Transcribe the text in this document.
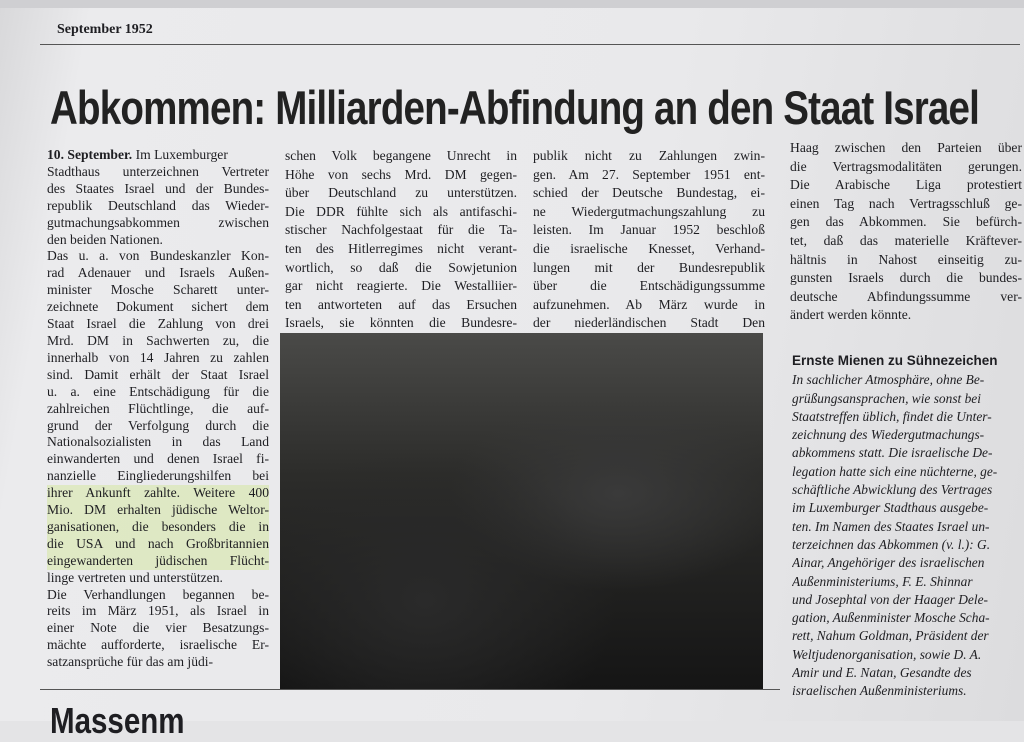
September 1952
Abkommen: Milliarden-Abfindung an den Staat Israel
10. September. Im Luxemburger
Stadthaus unterzeichnen Vertreter
des Staates Israel und der Bundes-
republik Deutschland das Wieder-
gutmachungsabkommen zwischen
den beiden Nationen.
Das u. a. von Bundeskanzler Kon-
rad Adenauer und Israels Außen-
minister Mosche Scharett unter-
zeichnete Dokument sichert dem
Staat Israel die Zahlung von drei
Mrd. DM in Sachwerten zu, die
innerhalb von 14 Jahren zu zahlen
sind. Damit erhält der Staat Israel
u. a. eine Entschädigung für die
zahlreichen Flüchtlinge, die auf-
grund der Verfolgung durch die
Nationalsozialisten in das Land
einwanderten und denen Israel fi-
nanzielle Eingliederungshilfen bei
ihrer Ankunft zahlte. Weitere 400
Mio. DM erhalten jüdische Weltor-
ganisationen, die besonders die in
die USA und nach Großbritannien
eingewanderten jüdischen Flücht-
linge vertreten und unterstützen.
Die Verhandlungen begannen be-
reits im März 1951, als Israel in
einer Note die vier Besatzungs-
mächte aufforderte, israelische Er-
satzansprüche für das am jüdi-
schen Volk begangene Unrecht in
Höhe von sechs Mrd. DM gegen-
über Deutschland zu unterstützen.
Die DDR fühlte sich als antifaschi-
stischer Nachfolgestaat für die Ta-
ten des Hitlerregimes nicht verant-
wortlich, so daß die Sowjetunion
gar nicht reagierte. Die Westalliier-
ten antworteten auf das Ersuchen
Israels, sie könnten die Bundesre-
publik nicht zu Zahlungen zwin-
gen. Am 27. September 1951 ent-
schied der Deutsche Bundestag, ei-
ne Wiedergutmachungszahlung zu
leisten. Im Januar 1952 beschloß
die israelische Knesset, Verhand-
lungen mit der Bundesrepublik
über die Entschädigungssumme
aufzunehmen. Ab März wurde in
der niederländischen Stadt Den
Haag zwischen den Parteien über
die Vertragsmodalitäten gerungen.
Die Arabische Liga protestiert
einen Tag nach Vertragsschluß ge-
gen das Abkommen. Sie befürch-
tet, daß das materielle Kräftever-
hältnis in Nahost einseitig zu-
gunsten Israels durch die bundes-
deutsche Abfindungssumme ver-
ändert werden könnte.
Ernste Mienen zu Sühnezeichen
In sachlicher Atmosphäre, ohne Be-
grüßungsansprachen, wie sonst bei
Staatstreffen üblich, findet die Unter-
zeichnung des Wiedergutmachungs-
abkommens statt. Die israelische De-
legation hatte sich eine nüchterne, ge-
schäftliche Abwicklung des Vertrages
im Luxemburger Stadthaus ausgebe-
ten. Im Namen des Staates Israel un-
terzeichnen das Abkommen (v. l.): G.
Ainar, Angehöriger des israelischen
Außenministeriums, F. E. Shinnar
und Josephtal von der Haager Dele-
gation, Außenminister Mosche Scha-
rett, Nahum Goldman, Präsident der
Weltjudenorganisation, sowie D. A.
Amir und E. Natan, Gesandte des
israelischen Außenministeriums.
Massenm
